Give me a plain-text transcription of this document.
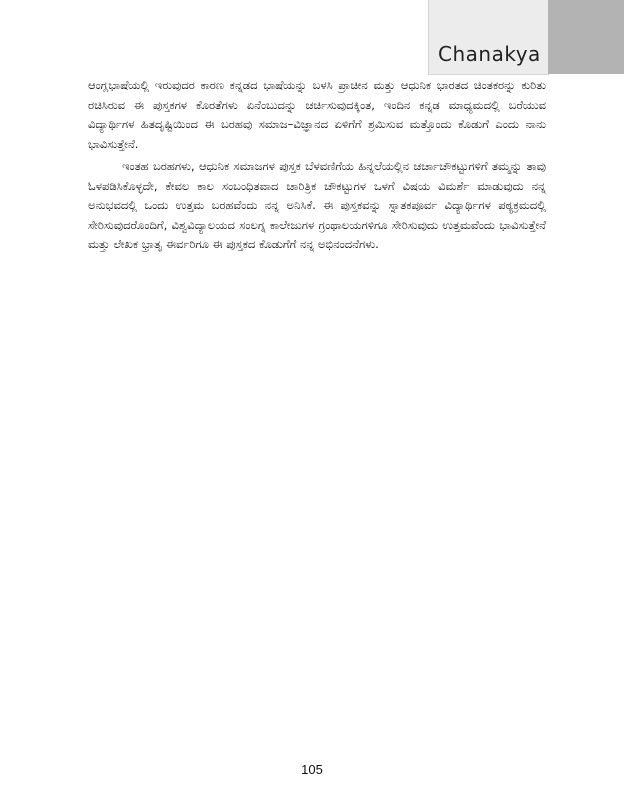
Chanakya

ಆಂಗ್ಲಭಾಷೆಯಲ್ಲಿ ಇರುವುದರ ಕಾರಣ ಕನ್ನಡದ ಭಾಷೆಯನ್ನು ಬಳಸಿ ಪ್ರಾಚೀನ ಮತ್ತು ಆಧುನಿಕ ಭಾರತದ ಚಿಂತಕರನ್ನು ಕುರಿತು ರಚಿಸಿರುವ ಈ ಪುಸ್ತಕಗಳ ಕೊರತೆಗಳು ಏನೆಂಬುದನ್ನು ಚರ್ಚಿಸುವುದಕ್ಕಿಂತ, ಇಂದಿನ ಕನ್ನಡ ಮಾಧ್ಯಮದಲ್ಲಿ ಬರೆಯುವ ವಿದ್ಯಾರ್ಥಿಗಳ ಹಿತದೃಷ್ಟಿಯಿಂದ ಈ ಬರಹವು ಸಮಾಜ–ವಿಜ್ಞಾನದ ಏಳಿಗೆಗೆ ಶ್ರಮಿಸುವ ಮತ್ತೊಂದು ಕೊಡುಗೆ ಎಂದು ನಾನು ಭಾವಿಸುತ್ತೇನೆ.

ಇಂತಹ ಬರಹಗಳು, ಆಧುನಿಕ ಸಮಾಜಗಳ ಪುಸ್ತಕ ಬೆಳವಣಿಗೆಯ ಹಿನ್ನಲೆಯಲ್ಲಿನ ಚರ್ಚಾಚೌಕಟ್ಟುಗಳಿಗೆ ತಮ್ಮನ್ನು ತಾವು ಓಳಪಡಿಸಿಕೊಳ್ಳದೇ, ಕೇವಲ ಕಾಲ ಸಂಬಂಧಿತವಾದ ಚಾರಿತ್ರಿಕ ಚೌಕಟ್ಟುಗಳ ಒಳಗೆ ವಿಷಯ ವಿಮರ್ಶೆ ಮಾಡುವುದು ನನ್ನ ಅನುಭವದಲ್ಲಿ ಒಂದು ಉತ್ತಮ ಬರಹವೆಂದು ನನ್ನ ಅನಿಸಿಕೆ. ಈ ಪುಸ್ತಕವನ್ನು ಸ್ನಾತಕಪೂರ್ವ ವಿದ್ಯಾರ್ಥಿಗಳ ಪಠ್ಯಕ್ರಮದಲ್ಲಿ ಸೇರಿಸುವುದರೊಂದಿಗೆ, ವಿಶ್ವವಿದ್ಯಾಲಯದ ಸಂಲಗ್ನ ಕಾಲೇಜುಗಳ ಗ್ರಂಥಾಲಯಗಳಿಗೂ ಸೇರಿಸುವುದು ಉತ್ತಮವೆಂದು ಭಾವಿಸುತ್ತೇನೆ ಮತ್ತು ಲೇಖಕ ಭ್ರಾತೃ ಈರ್ವರಿಗೂ ಈ ಪುಸ್ತಕದ ಕೊಡುಗೆಗೆ ನನ್ನ ಅಭಿನಂದನೆಗಳು.

105
